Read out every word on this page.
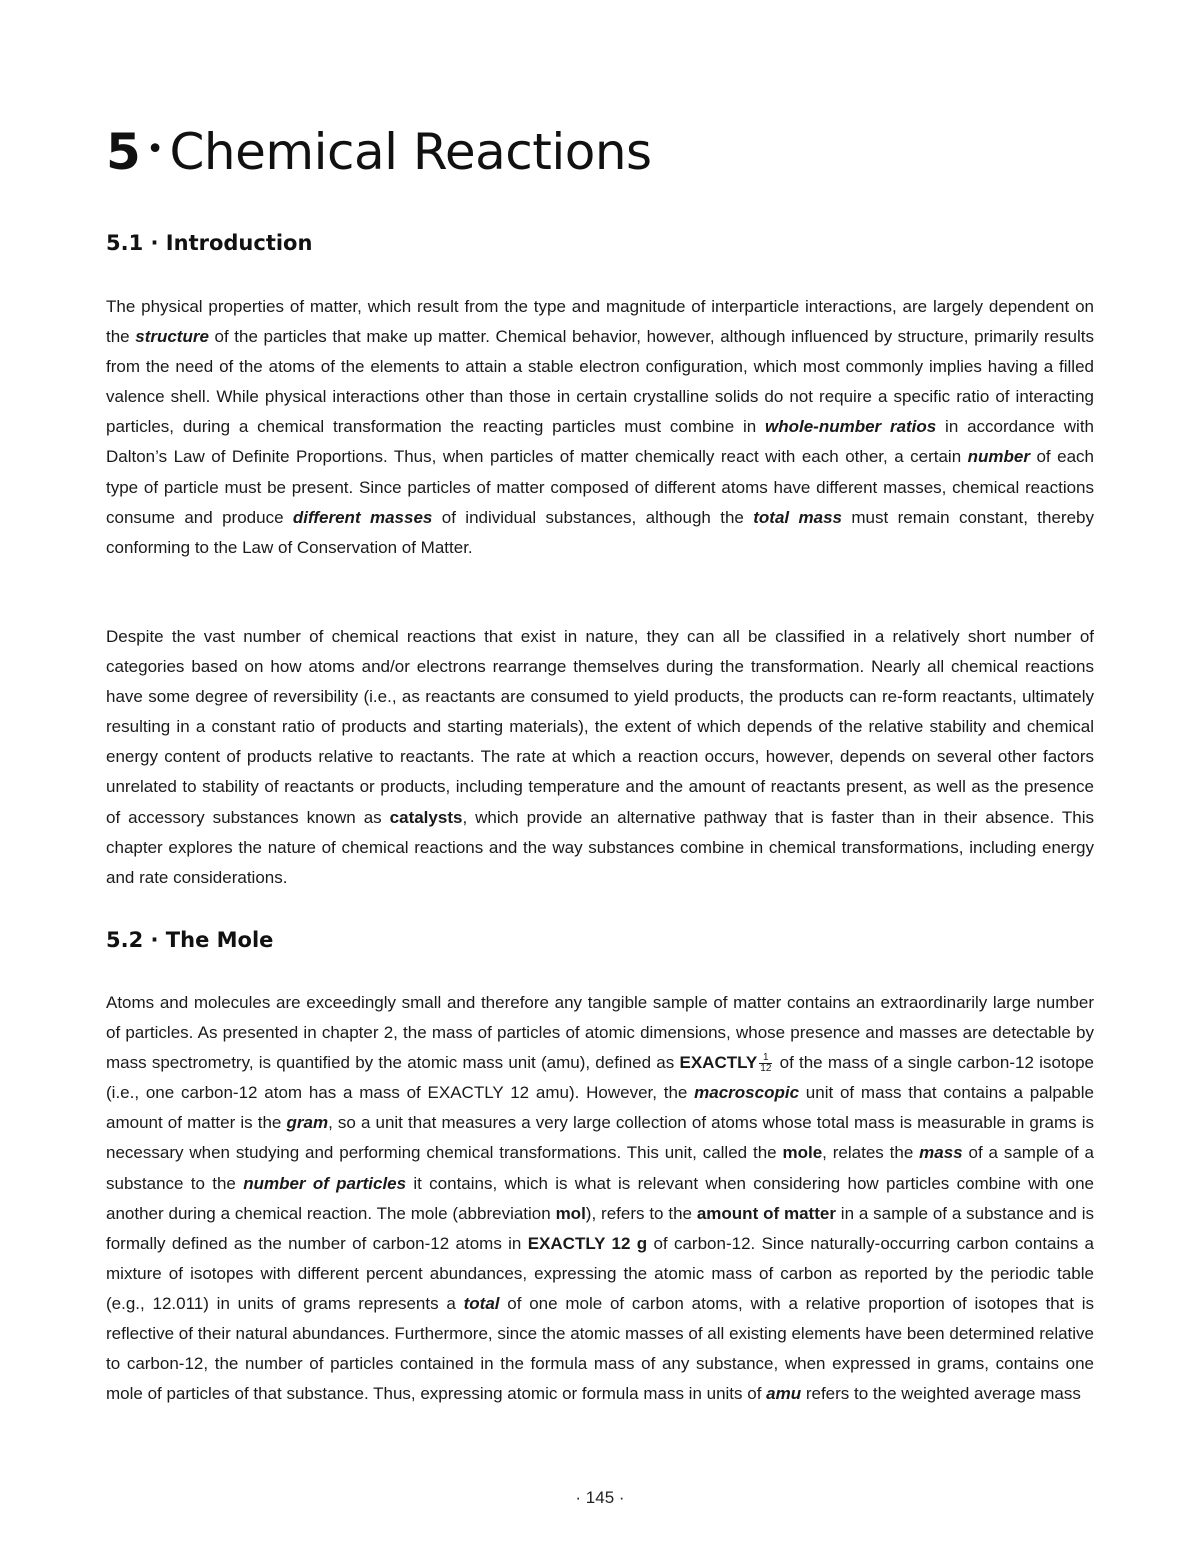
5 • Chemical Reactions
5.1 · Introduction

The physical properties of matter, which result from the type and magnitude of interparticle interactions, are largely dependent on the structure of the particles that make up matter. Chemical behavior, however, although influenced by structure, primarily results from the need of the atoms of the elements to attain a stable electron configuration, which most commonly implies having a filled valence shell. While physical interactions other than those in certain crystalline solids do not require a specific ratio of interacting particles, during a chemical transformation the reacting particles must combine in whole-number ratios in accordance with Dalton’s Law of Definite Proportions. Thus, when particles of matter chemically react with each other, a certain number of each type of particle must be present. Since particles of matter composed of different atoms have different masses, chemical reactions consume and produce different masses of individual substances, although the total mass must remain constant, thereby conforming to the Law of Conservation of Matter.

Despite the vast number of chemical reactions that exist in nature, they can all be classified in a relatively short number of categories based on how atoms and/or electrons rearrange themselves during the transformation. Nearly all chemical reactions have some degree of reversibility (i.e., as reactants are consumed to yield products, the products can re-form reactants, ultimately resulting in a constant ratio of products and starting materials), the extent of which depends of the relative stability and chemical energy content of products relative to reactants. The rate at which a reaction occurs, however, depends on several other factors unrelated to stability of reactants or products, including temperature and the amount of reactants present, as well as the presence of accessory substances known as catalysts, which provide an alternative pathway that is faster than in their absence. This chapter explores the nature of chemical reactions and the way substances combine in chemical transformations, including energy and rate considerations.

5.2 · The Mole

Atoms and molecules are exceedingly small and therefore any tangible sample of matter contains an extraordinarily large number of particles. As presented in chapter 2, the mass of particles of atomic dimensions, whose presence and masses are detectable by mass spectrometry, is quantified by the atomic mass unit (amu), defined as EXACTLY $\frac{1}{12}$ of the mass of a single carbon-12 isotope (i.e., one carbon-12 atom has a mass of EXACTLY 12 amu). However, the macroscopic unit of mass that contains a palpable amount of matter is the gram, so a unit that measures a very large collection of atoms whose total mass is measurable in grams is necessary when studying and performing chemical transformations. This unit, called the mole, relates the mass of a sample of a substance to the number of particles it contains, which is what is relevant when considering how particles combine with one another during a chemical reaction. The mole (abbreviation mol), refers to the amount of matter in a sample of a substance and is formally defined as the number of carbon-12 atoms in EXACTLY 12 g of carbon-12. Since naturally-occurring carbon contains a mixture of isotopes with different percent abundances, expressing the atomic mass of carbon as reported by the periodic table (e.g., 12.011) in units of grams represents a total of one mole of carbon atoms, with a relative proportion of isotopes that is reflective of their natural abundances. Furthermore, since the atomic masses of all existing elements have been determined relative to carbon-12, the number of particles contained in the formula mass of any substance, when expressed in grams, contains one mole of particles of that substance. Thus, expressing atomic or formula mass in units of amu refers to the weighted average mass

· 145 ·
